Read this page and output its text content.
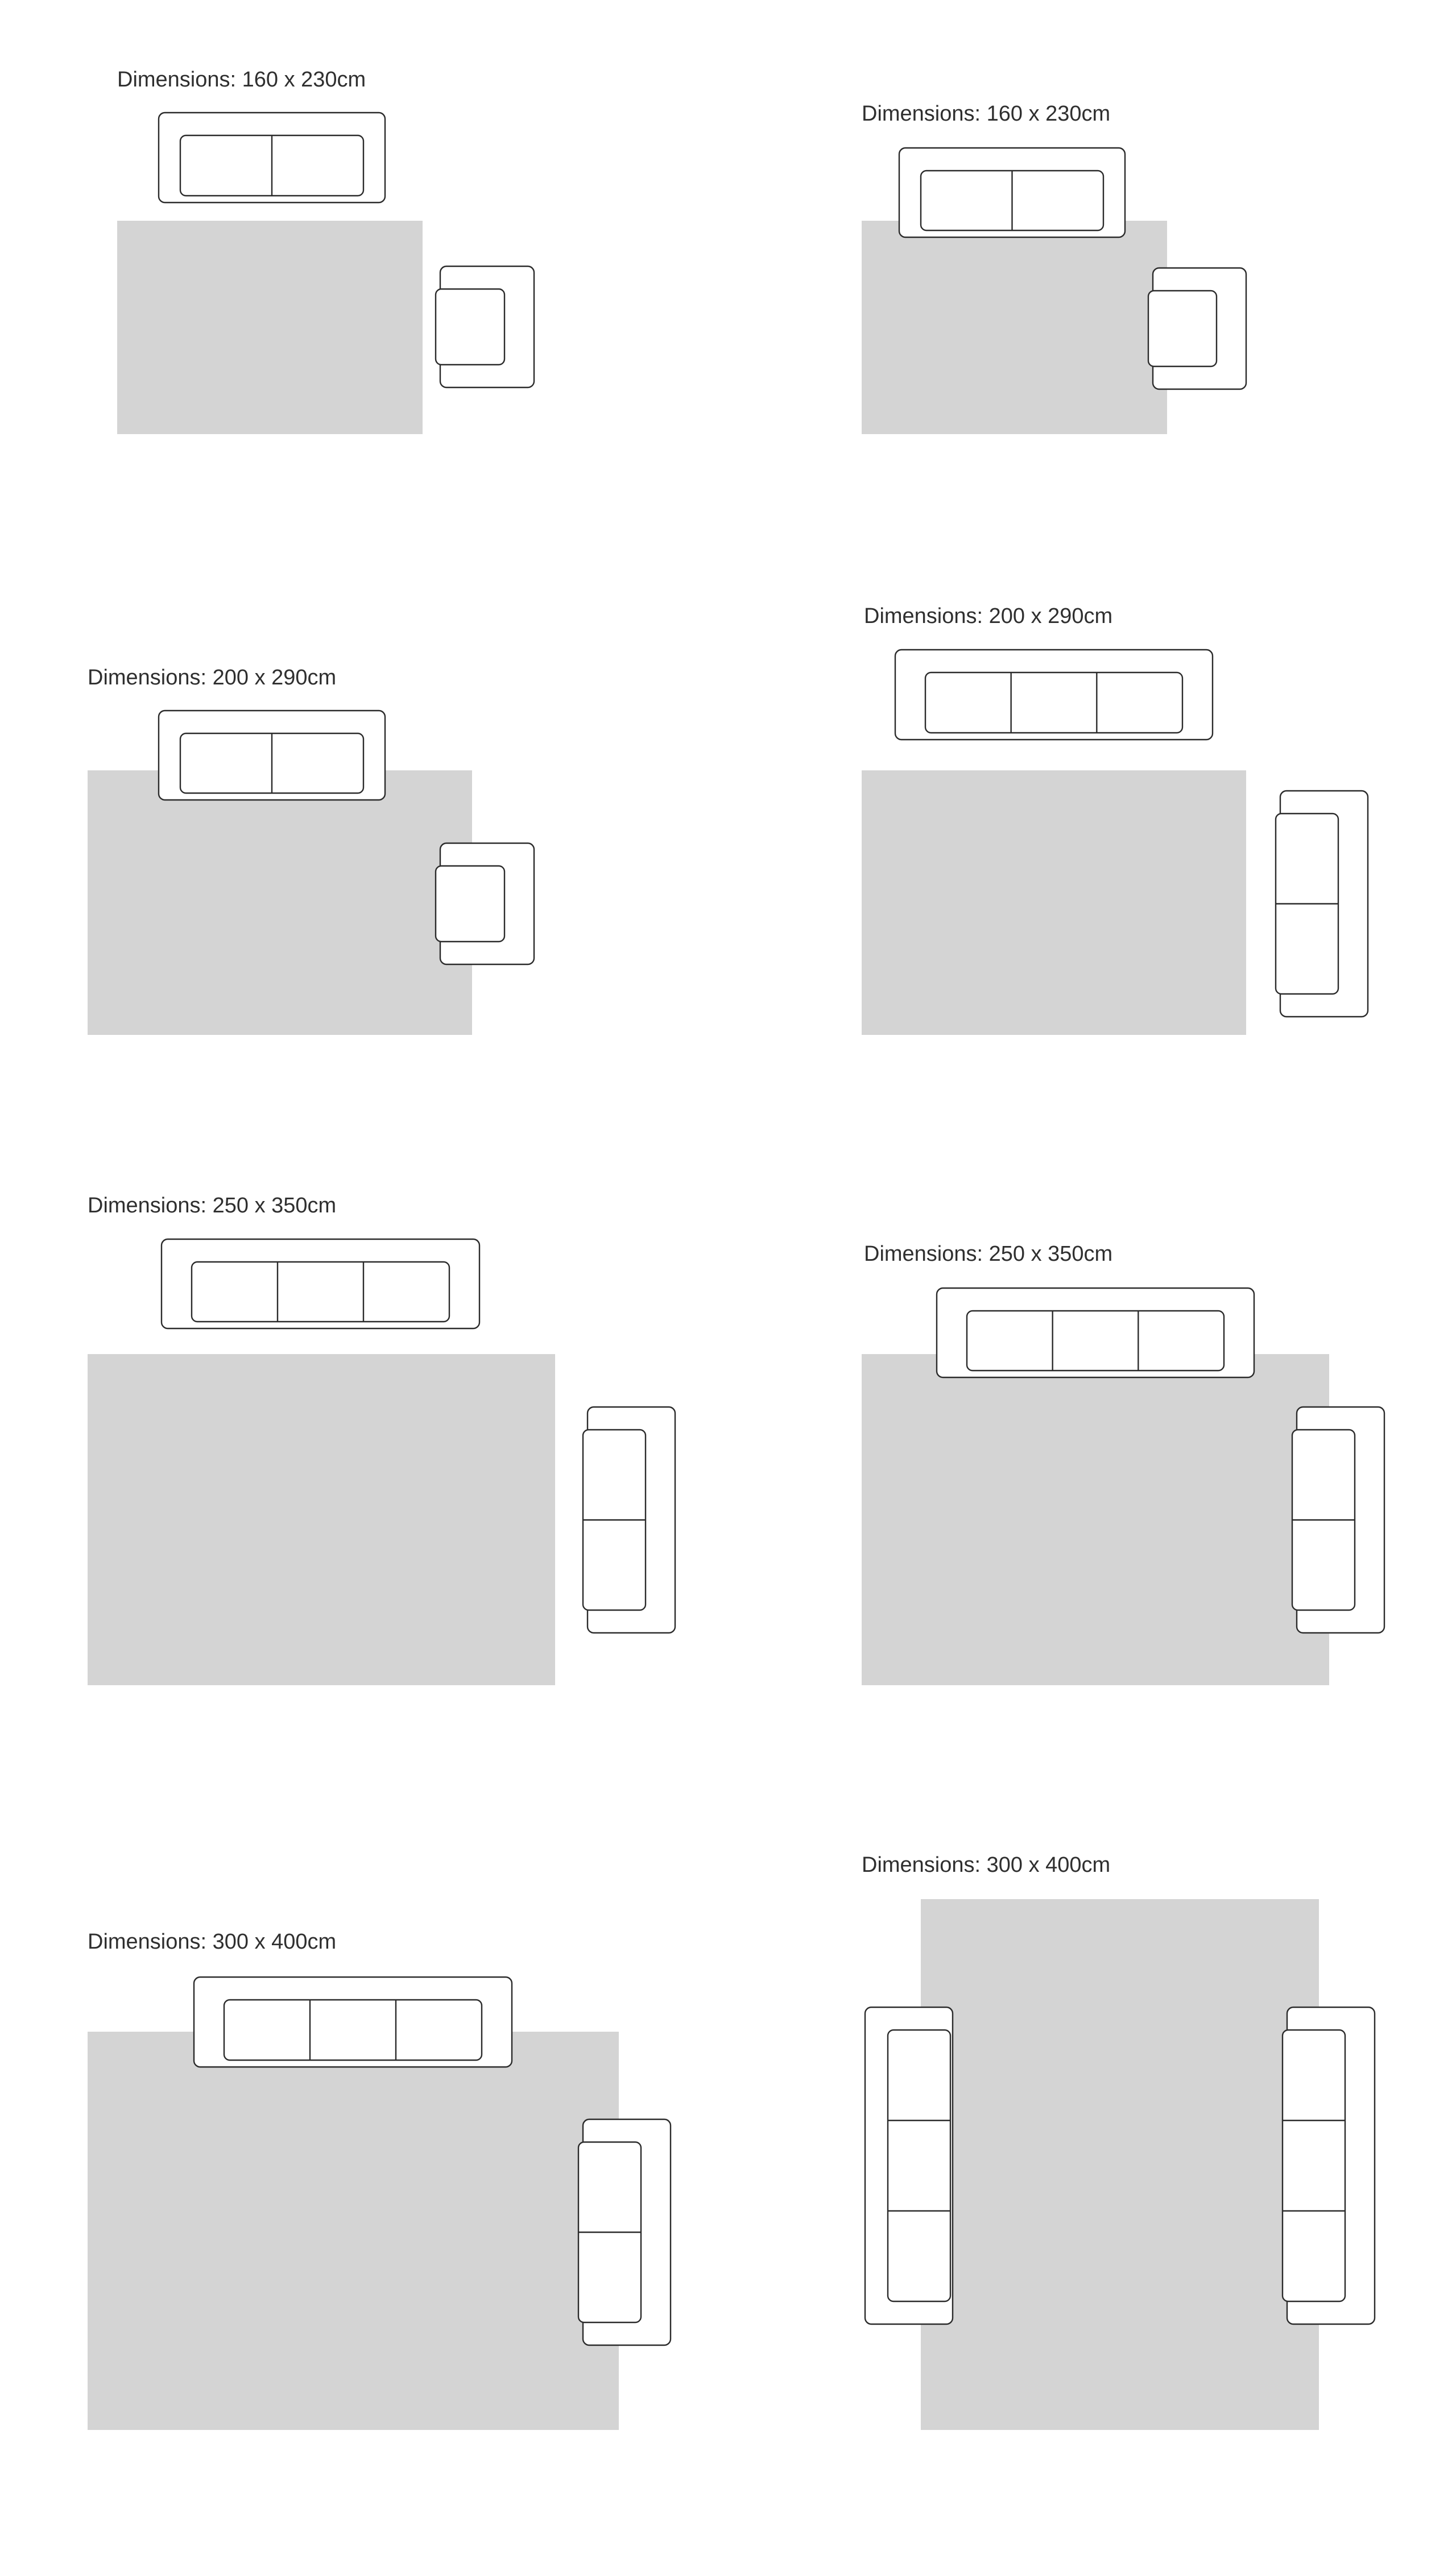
Dimensions: 160 x 230cm
Dimensions: 160 x 230cm
Dimensions: 200 x 290cm
Dimensions: 200 x 290cm
Dimensions: 250 x 350cm
Dimensions: 250 x 350cm
Dimensions: 300 x 400cm
Dimensions: 300 x 400cm
